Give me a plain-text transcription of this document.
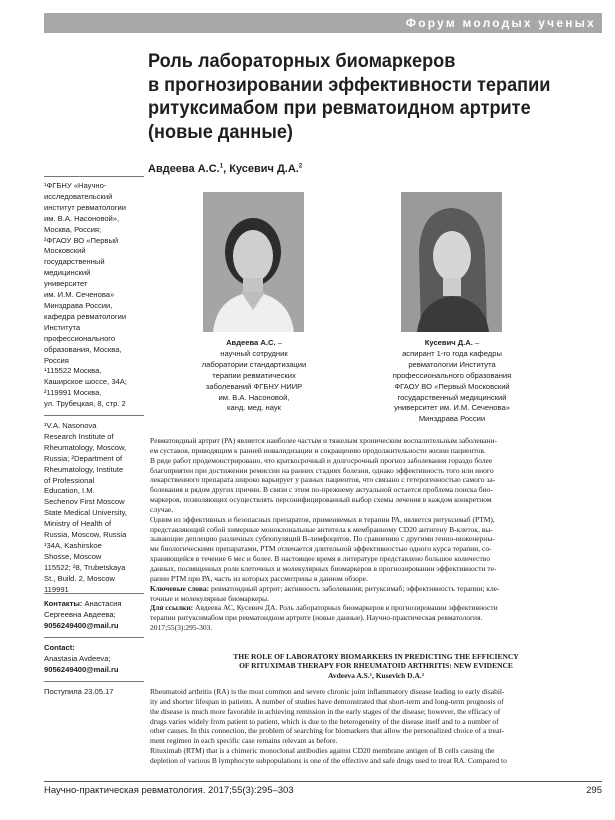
Форум молодых ученых
Роль лабораторных биомаркеров
в прогнозировании эффективности терапии
ритуксимабом при ревматоидном артрите
(новые данные)
Авдеева А.С.$^1$, Кусевич Д.А.$^2$
¹ФГБНУ «Научно-
исследовательский
институт ревматологии
им. В.А. Насоновой»,
Москва, Россия;
²ФГАОУ ВО «Первый
Московский
государственный
медицинский
университет
им. И.М. Сеченова»
Минздрава России,
кафедра ревматологии
Института
профессионального
образования, Москва,
Россия
¹115522 Москва,
Каширское шоссе, 34А;
²119991 Москва,
ул. Трубецкая, 8, стр. 2
¹V.A. Nasonova
Research Institute of
Rheumatology, Moscow,
Russia; ²Department of
Rheumatology, Institute
of Professional
Education, I.M.
Sechenov First Moscow
State Medical University,
Ministry of Health of
Russia, Moscow, Russia
¹34A, Kashirskoe
Shosse, Moscow
115522; ²8, Trubetskaya
St., Build. 2, Moscow
119991
Контакты: Анастасия
Сергеевна Авдеева;
9056249400@mail.ru
Contact:
Anastasia Avdeeva;
9056249400@mail.ru
Поступила 23.05.17
Авдеева А.С. –
научный сотрудник
лаборатории стандартизации
терапии ревматических
заболеваний ФГБНУ НИИР
им. В.А. Насоновой,
канд. мед. наук
Кусевич Д.А. –
аспирант 1-го года кафедры
ревматологии Института
профессионального образования
ФГАОУ ВО «Первый Московский
государственный медицинский
университет им. И.М. Сеченова»
Минздрава России
Ревматоидный артрит (РА) является наиболее частым и тяжелым хроническим воспалительным заболевани-
ем суставов, приводящим к ранней инвалидизации и сокращению продолжительности жизни пациентов.
В ряде работ продемонстрировано, что краткосрочный и долгосрочный прогноз заболевания гораздо более
благоприятен при достижении ремиссии на ранних стадиях болезни, однако эффективность того или иного
лекарственного препарата широко варьирует у разных пациентов, что связано с гетерогенностью самого за-
болевания и рядом других причин. В связи с этим по-прежнему актуальной остается проблема поиска био-
маркеров, позволяющих осуществлять персонифицированный выбор схемы лечения в каждом конкретном
случае.
Одним из эффективных и безопасных препаратов, применяемых в терапии РА, является ритуксимаб (РТМ),
представляющий собой химерные моноклональные антитела к мембранному CD20 антигену В-клеток, вы-
зывающие деплецию различных субпопуляций В-лимфоцитов. По сравнению с другими генно-инженерны-
ми биологическими препаратами, РТМ отличается длительной эффективностью одного курса терапии, со-
храняющейся в течение 6 мес и более. В настоящее время в литературе представлено большое количество
данных, посвященных роли клеточных и молекулярных биомаркеров в прогнозировании эффективности те-
рапии РТМ при РА, часть из которых рассмотрены в данном обзоре.
Ключевые слова: ревматоидный артрит; активность заболевания; ритуксимаб; эффективность терапии; кле-
точные и молекулярные биомаркеры.
Для ссылки: Авдеева АС, Кусевич ДА. Роль лабораторных биомаркеров в прогнозировании эффективности
терапии ритуксимабом при ревматоидном артрите (новые данные). Научно-практическая ревматология.
2017;55(3):295-303.
THE ROLE OF LABORATORY BIOMARKERS IN PREDICTING THE EFFICIENCY
OF RITUXIMAB THERAPY FOR RHEUMATOID ARTHRITIS: NEW EVIDENCE
Avdeeva A.S.¹, Kusevich D.A.²
Rheumatoid arthritis (RA) is the most common and severe chronic joint inflammatory disease leading to early disabil-
ity and shorter lifespan in patients. A number of studies have demonstrated that short-term and long-term prognosis of
the disease is much more favorable in achieving remission in the early stages of the disease; however, the efficacy of
drugs varies widely from patient to patient, which is due to the heterogeneity of the disease itself and to a number of
other causes. In this connection, the problem of searching for biomarkers that allow the personalized choice of a treat-
ment regimen in each specific case remains relevant as before.
Rituximab (RTM) that is a chimeric monoclonal antibodies against CD20 membrane antigen of B cells causing the
depletion of various B lymphocyte subpopulations is one of the effective and safe drugs used to treat RA. Compared to
Научно-практическая ревматология. 2017;55(3):295–303	295
